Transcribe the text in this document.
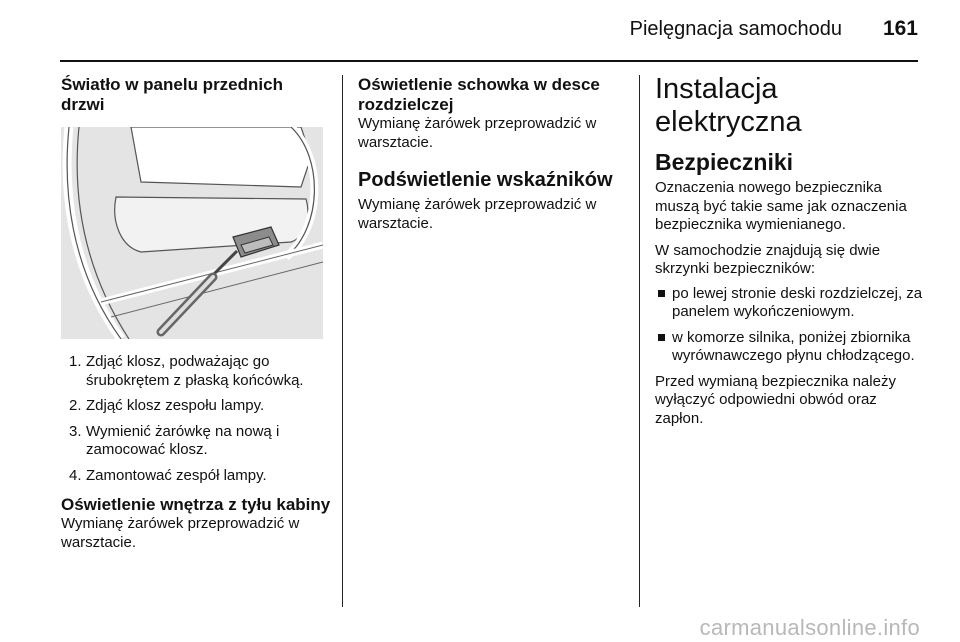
Pielęgnacja samochodu 161
Światło w panelu przednich drzwi
1. Zdjąć klosz, podważając go śrubokrętem z płaską końcówką.
2. Zdjąć klosz zespołu lampy.
3. Wymienić żarówkę na nową i zamocować klosz.
4. Zamontować zespół lampy.
Oświetlenie wnętrza z tyłu kabiny

Wymianę żarówek przeprowadzić w warsztacie.

Oświetlenie schowka w desce rozdzielczej

Wymianę żarówek przeprowadzić w warsztacie.

Podświetlenie wskaźników

Wymianę żarówek przeprowadzić w warsztacie.

Instalacja elektryczna
Bezpieczniki

Oznaczenia nowego bezpiecznika muszą być takie same jak oznaczenia bezpiecznika wymienianego.

W samochodzie znajdują się dwie skrzynki bezpieczników:

po lewej stronie deski rozdzielczej, za panelem wykończeniowym.
w komorze silnika, poniżej zbiornika wyrównawczego płynu chłodzącego.

Przed wymianą bezpiecznika należy wyłączyć odpowiedni obwód oraz zapłon.

carmanualsonline.info
